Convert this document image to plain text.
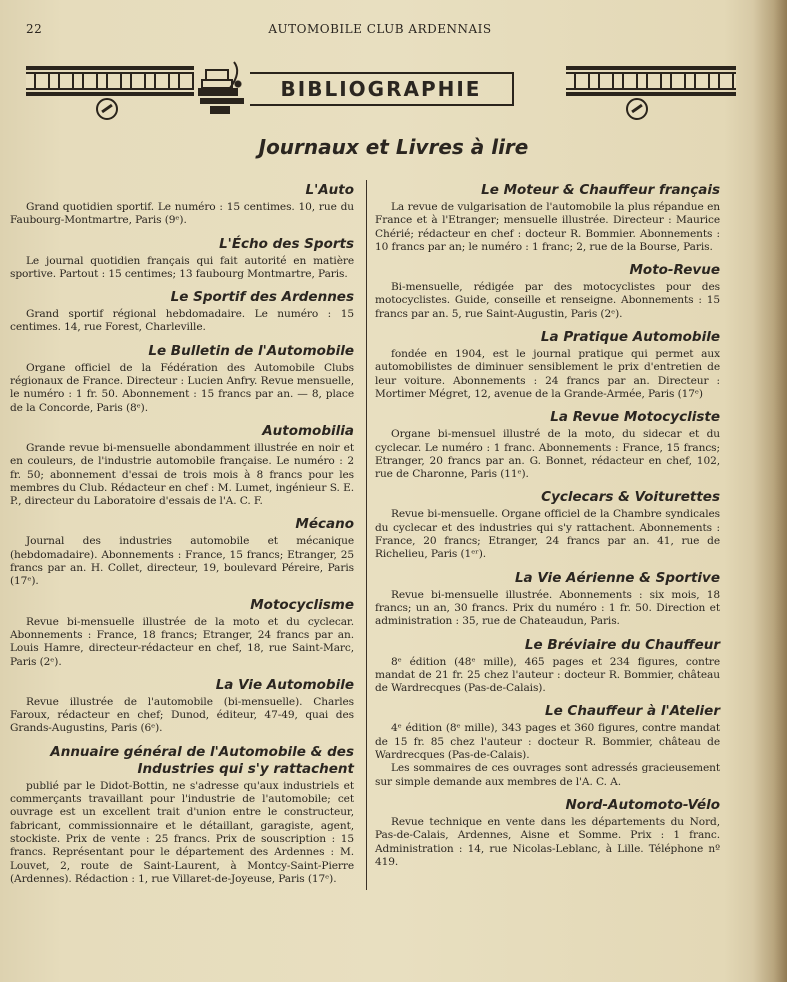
22	AUTOMOBILE CLUB ARDENNAIS
BIBLIOGRAPHIE
Journaux et Livres à lire
L'Auto

Grand quotidien sportif. Le numéro : 15 centimes. 10, rue du Faubourg-Montmartre, Paris (9ᵉ).

L'Écho des Sports

Le journal quotidien français qui fait autorité en matière sportive. Partout : 15 centimes; 13 faubourg Montmartre, Paris.

Le Sportif des Ardennes

Grand sportif régional hebdomadaire. Le numéro : 15 centimes. 14, rue Forest, Charleville.

Le Bulletin de l'Automobile

Organe officiel de la Fédération des Automobile Clubs régionaux de France. Directeur : Lucien Anfry. Revue mensuelle, le numéro : 1 fr. 50. Abonnement : 15 francs par an. — 8, place de la Concorde, Paris (8ᵉ).

Automobilia

Grande revue bi-mensuelle abondamment illustrée en noir et en couleurs, de l'industrie automobile française. Le numéro : 2 fr. 50; abonnement d'essai de trois mois à 8 francs pour les membres du Club. Rédacteur en chef : M. Lumet, ingénieur S. E. P., directeur du Laboratoire d'essais de l'A. C. F.

Mécano

Journal des industries automobile et mécanique (hebdomadaire). Abonnements : France, 15 francs; Etranger, 25 francs par an. H. Collet, directeur, 19, boulevard Péreire, Paris (17ᵉ).

Motocyclisme

Revue bi-mensuelle illustrée de la moto et du cyclecar. Abonnements : France, 18 francs; Etranger, 24 francs par an. Louis Hamre, directeur-rédacteur en chef, 18, rue Saint-Marc, Paris (2ᵉ).

La Vie Automobile

Revue illustrée de l'automobile (bi-mensuelle). Charles Faroux, rédacteur en chef; Dunod, éditeur, 47-49, quai des Grands-Augustins, Paris (6ᵉ).

Annuaire général de l'Automobile & des Industries qui s'y rattachent

publié par le Didot-Bottin, ne s'adresse qu'aux industriels et commerçants travaillant pour l'industrie de l'automobile; cet ouvrage est un excellent trait d'union entre le constructeur, fabricant, commissionnaire et le détaillant, garagiste, agent, stockiste. Prix de vente : 25 francs. Prix de souscription : 15 francs. Représentant pour le département des Ardennes : M. Louvet, 2, route de Saint-Laurent, à Montcy-Saint-Pierre (Ardennes). Rédaction : 1, rue Villaret-de-Joyeuse, Paris (17ᵉ).

Le Moteur & Chauffeur français

La revue de vulgarisation de l'automobile la plus répandue en France et à l'Etranger; mensuelle illustrée. Directeur : Maurice Chérié; rédacteur en chef : docteur R. Bommier. Abonnements : 10 francs par an; le numéro : 1 franc; 2, rue de la Bourse, Paris.

Moto-Revue

Bi-mensuelle, rédigée par des motocyclistes pour des motocyclistes. Guide, conseille et renseigne. Abonnements : 15 francs par an. 5, rue Saint-Augustin, Paris (2ᵉ).

La Pratique Automobile

fondée en 1904, est le journal pratique qui permet aux automobilistes de diminuer sensiblement le prix d'entretien de leur voiture. Abonnements : 24 francs par an. Directeur : Mortimer Mégret, 12, avenue de la Grande-Armée, Paris (17ᵉ)

La Revue Motocycliste

Organe bi-mensuel illustré de la moto, du sidecar et du cyclecar. Le numéro : 1 franc. Abonnements : France, 15 francs; Etranger, 20 francs par an. G. Bonnet, rédacteur en chef, 102, rue de Charonne, Paris (11ᵉ).

Cyclecars & Voiturettes

Revue bi-mensuelle. Organe officiel de la Chambre syndicales du cyclecar et des industries qui s'y rattachent. Abonnements : France, 20 francs; Etranger, 24 francs par an. 41, rue de Richelieu, Paris (1ᵉʳ).

La Vie Aérienne & Sportive

Revue bi-mensuelle illustrée. Abonnements : six mois, 18 francs; un an, 30 francs. Prix du numéro : 1 fr. 50. Direction et administration : 35, rue de Chateaudun, Paris.

Le Bréviaire du Chauffeur

8ᵉ édition (48ᵉ mille), 465 pages et 234 figures, contre mandat de 21 fr. 25 chez l'auteur : docteur R. Bommier, château de Wardrecques (Pas-de-Calais).

Le Chauffeur à l'Atelier

4ᵉ édition (8ᵉ mille), 343 pages et 360 figures, contre mandat de 15 fr. 85 chez l'auteur : docteur R. Bommier, château de Wardrecques (Pas-de-Calais).

Les sommaires de ces ouvrages sont adressés gracieusement sur simple demande aux membres de l'A. C. A.

Nord-Automoto-Vélo

Revue technique en vente dans les départements du Nord, Pas-de-Calais, Ardennes, Aisne et Somme. Prix : 1 franc. Administration : 14, rue Nicolas-Leblanc, à Lille. Téléphone nº 419.
